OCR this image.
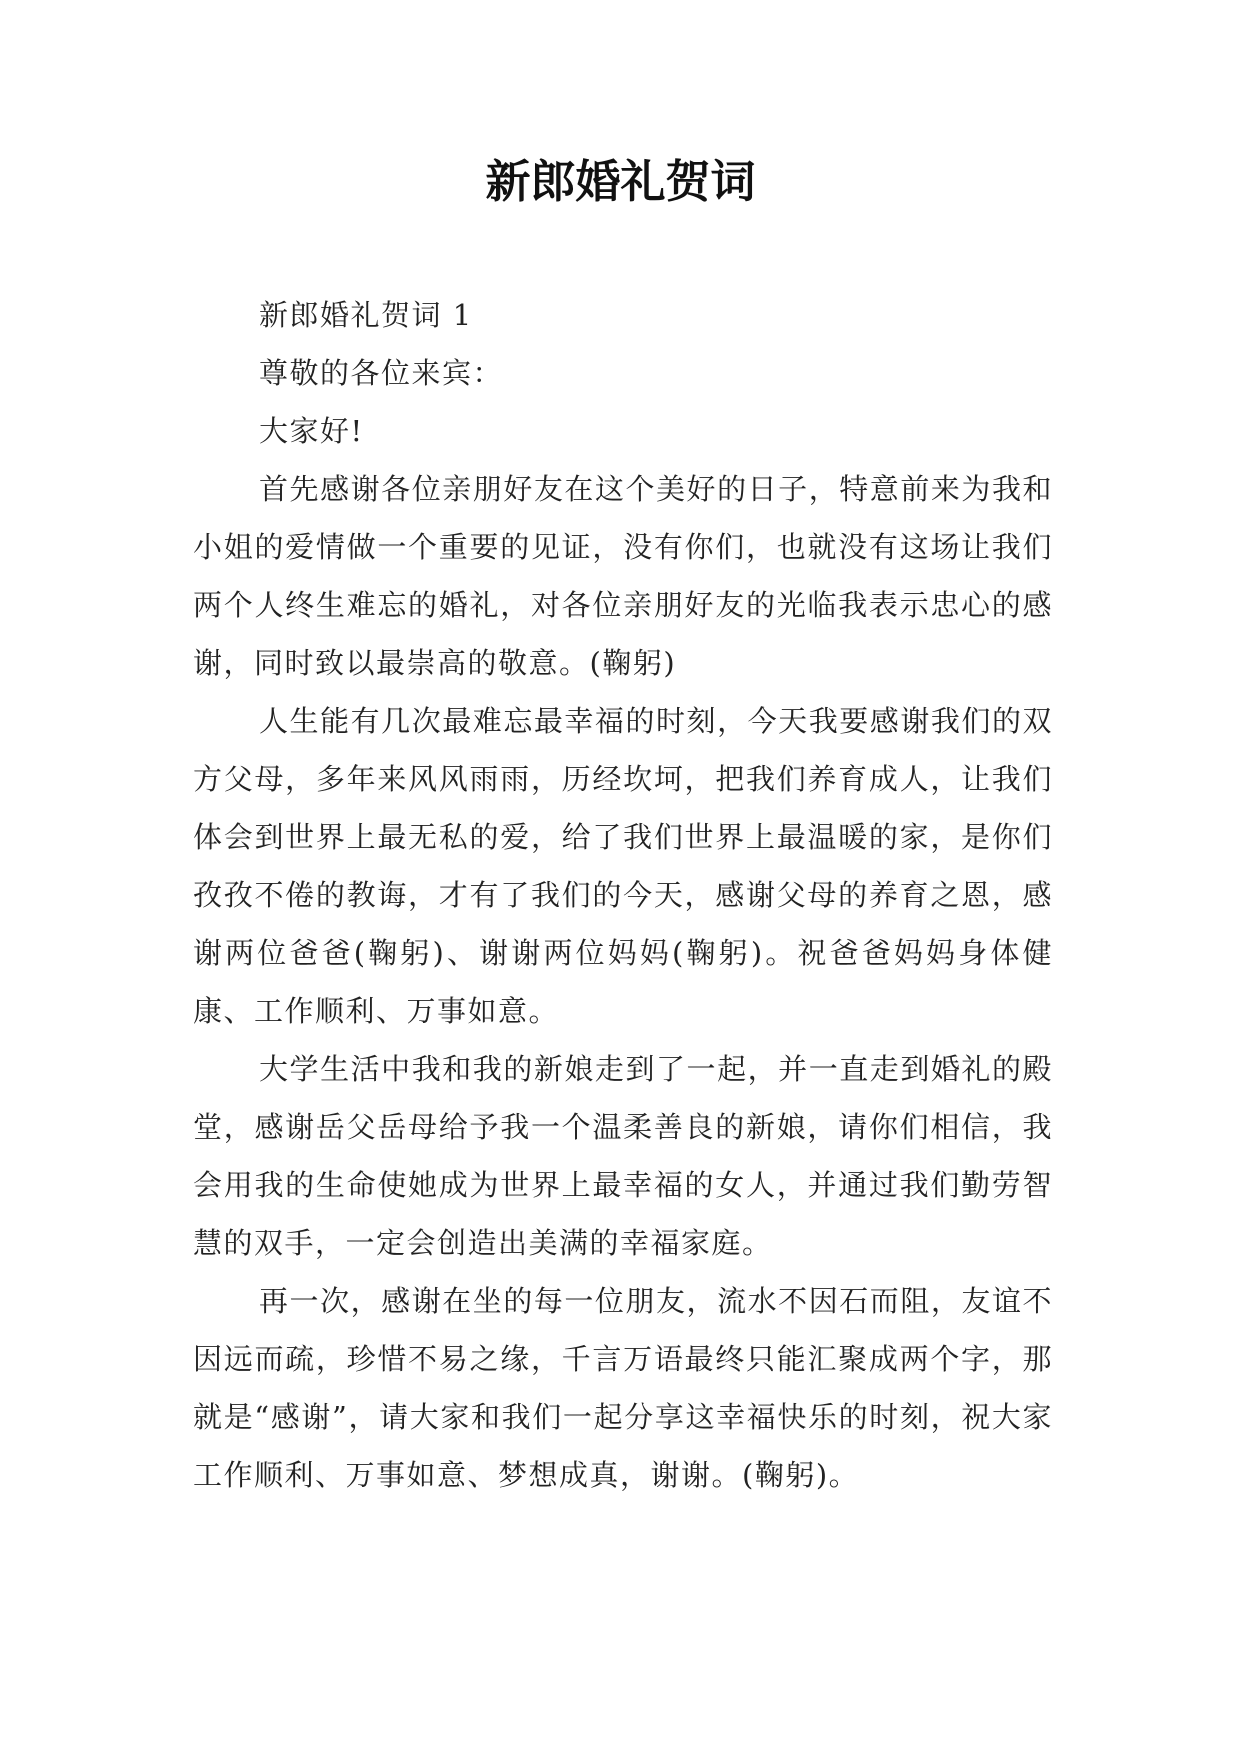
新郎婚礼贺词

新郎婚礼贺词 1

尊敬的各位来宾：

大家好!

首先感谢各位亲朋好友在这个美好的日子，特意前来为我和小姐的爱情做一个重要的见证，没有你们，也就没有这场让我们两个人终生难忘的婚礼，对各位亲朋好友的光临我表示忠心的感谢，同时致以最崇高的敬意。(鞠躬)

人生能有几次最难忘最幸福的时刻，今天我要感谢我们的双方父母，多年来风风雨雨，历经坎坷，把我们养育成人，让我们体会到世界上最无私的爱，给了我们世界上最温暖的家，是你们孜孜不倦的教诲，才有了我们的今天，感谢父母的养育之恩，感谢两位爸爸(鞠躬)、谢谢两位妈妈(鞠躬)。祝爸爸妈妈身体健康、工作顺利、万事如意。

大学生活中我和我的新娘走到了一起，并一直走到婚礼的殿堂，感谢岳父岳母给予我一个温柔善良的新娘，请你们相信，我会用我的生命使她成为世界上最幸福的女人，并通过我们勤劳智慧的双手，一定会创造出美满的幸福家庭。

再一次，感谢在坐的每一位朋友，流水不因石而阻，友谊不因远而疏，珍惜不易之缘，千言万语最终只能汇聚成两个字，那就是“感谢”，请大家和我们一起分享这幸福快乐的时刻，祝大家工作顺利、万事如意、梦想成真，谢谢。(鞠躬)。
